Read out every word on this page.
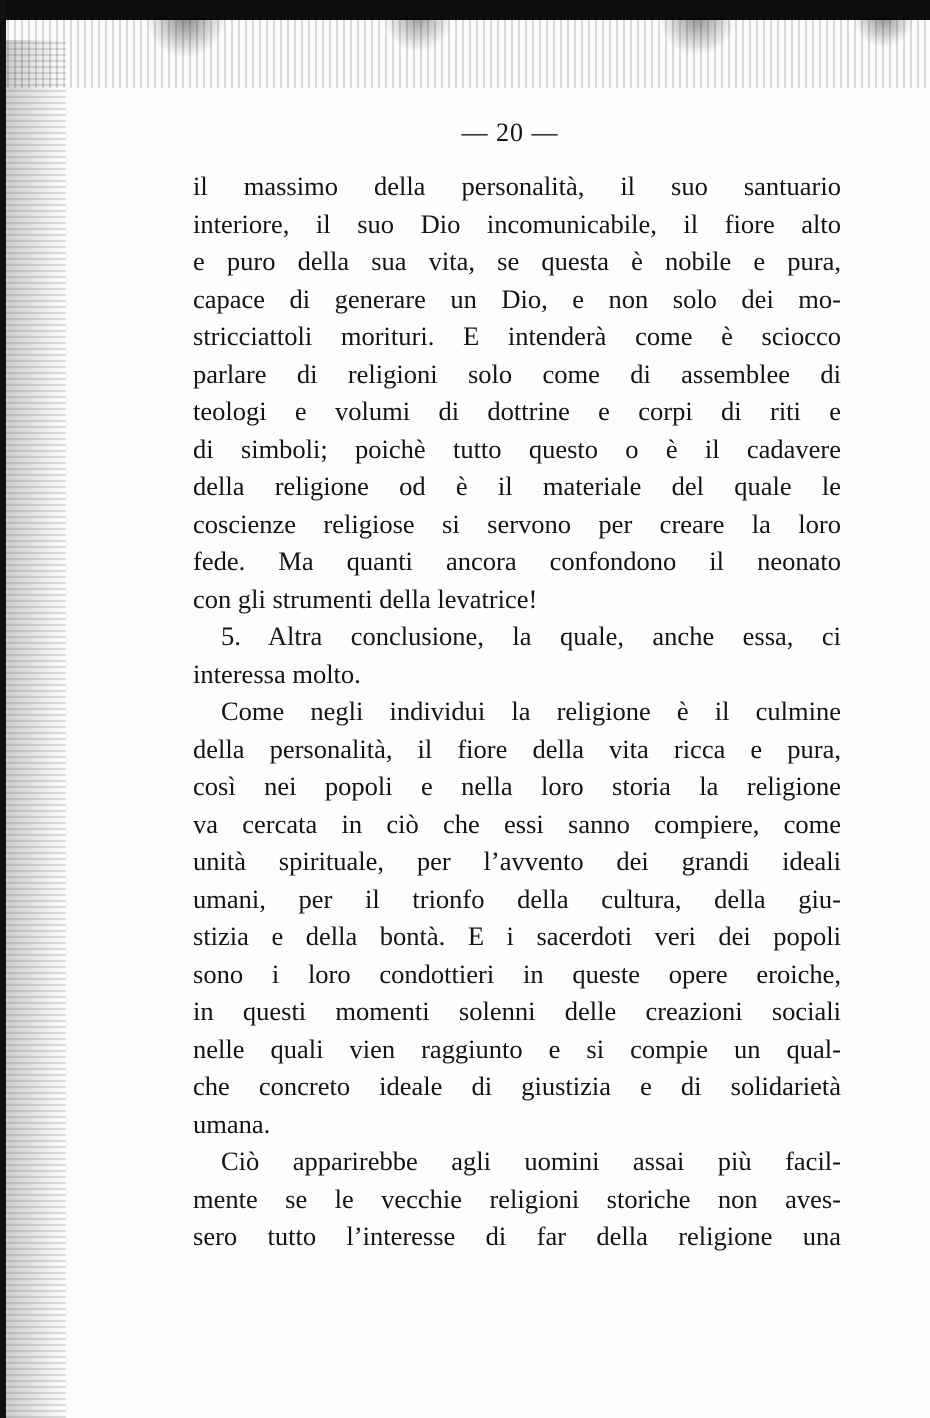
— 20 —
il massimo della personalità, il suo santuario
interiore, il suo Dio incomunicabile, il fiore alto
e puro della sua vita, se questa è nobile e pura,
capace di generare un Dio, e non solo dei mo-
stricciattoli morituri. E intenderà come è sciocco
parlare di religioni solo come di assemblee di
teologi e volumi di dottrine e corpi di riti e
di simboli; poichè tutto questo o è il cadavere
della religione od è il materiale del quale le
coscienze religiose si servono per creare la loro
fede. Ma quanti ancora confondono il neonato
con gli strumenti della levatrice!
5. Altra conclusione, la quale, anche essa, ci
interessa molto.
Come negli individui la religione è il culmine
della personalità, il fiore della vita ricca e pura,
così nei popoli e nella loro storia la religione
va cercata in ciò che essi sanno compiere, come
unità spirituale, per l’avvento dei grandi ideali
umani, per il trionfo della cultura, della giu-
stizia e della bontà. E i sacerdoti veri dei popoli
sono i loro condottieri in queste opere eroiche,
in questi momenti solenni delle creazioni sociali
nelle quali vien raggiunto e si compie un qual-
che concreto ideale di giustizia e di solidarietà
umana.
Ciò apparirebbe agli uomini assai più facil-
mente se le vecchie religioni storiche non aves-
sero tutto l’interesse di far della religione una
